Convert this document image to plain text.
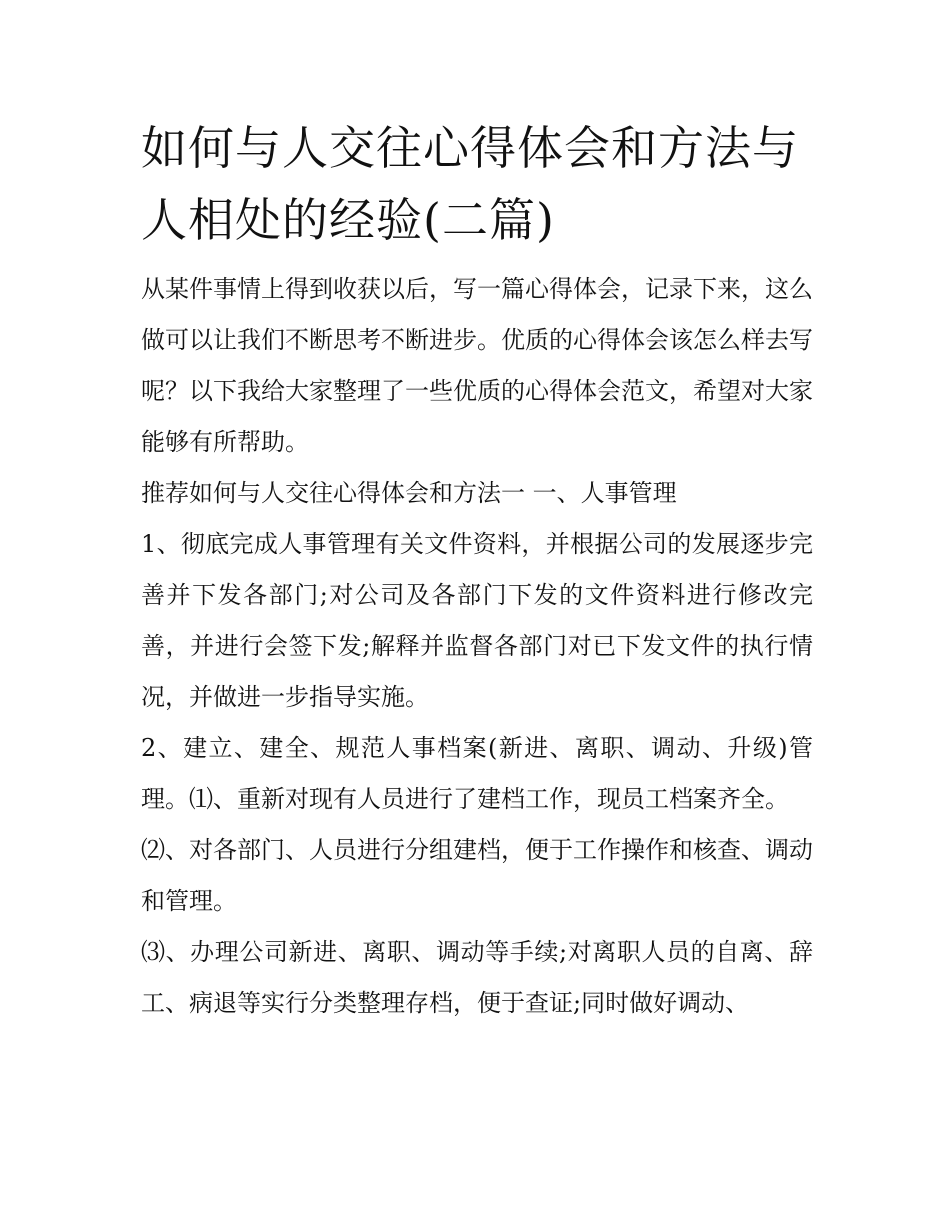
如何与人交往心得体会和方法与人相处的经验(二篇)

从某件事情上得到收获以后，写一篇心得体会，记录下来，这么做可以让我们不断思考不断进步。优质的心得体会该怎么样去写呢？以下我给大家整理了一些优质的心得体会范文，希望对大家能够有所帮助。

推荐如何与人交往心得体会和方法一 一、人事管理

1、彻底完成人事管理有关文件资料，并根据公司的发展逐步完善并下发各部门;对公司及各部门下发的文件资料进行修改完善，并进行会签下发;解释并监督各部门对已下发文件的执行情况，并做进一步指导实施。

2、建立、建全、规范人事档案(新进、离职、调动、升级)管理。⑴、重新对现有人员进行了建档工作，现员工档案齐全。

⑵、对各部门、人员进行分组建档，便于工作操作和核查、调动和管理。

⑶、办理公司新进、离职、调动等手续;对离职人员的自离、辞工、病退等实行分类整理存档，便于查证;同时做好调动、
